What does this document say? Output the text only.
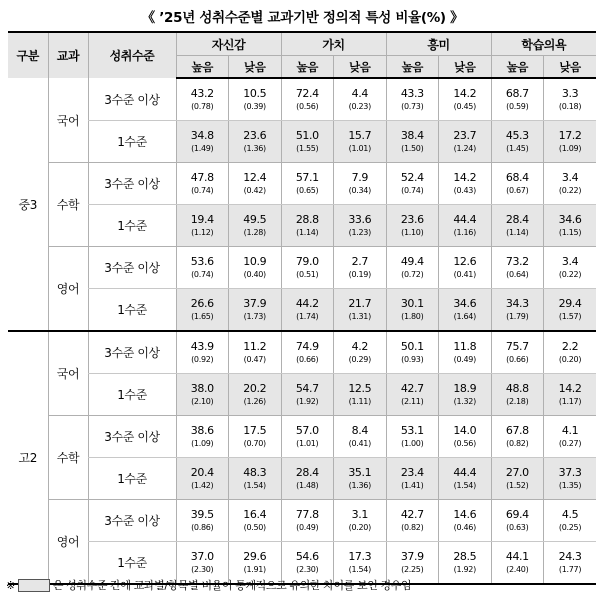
《 ’25년 성취수준별 교과기반 정의적 특성 비율(%) 》
구분	교과	성취수준	자신감		가치		흥미		학습의욕	
			높음	낮음	높음	낮음	높음	낮음	높음	낮음
중3	국어	3수준 이상	43.2
(0.78)	10.5
(0.39)	72.4
(0.56)	4.4
(0.23)	43.3
(0.73)	14.2
(0.45)	68.7
(0.59)	3.3
(0.18)

		1수준	34.8
(1.49)	23.6
(1.36)	51.0
(1.55)	15.7
(1.01)	38.4
(1.50)	23.7
(1.24)	45.3
(1.45)	17.2
(1.09)

	수학	3수준 이상	47.8
(0.74)	12.4
(0.42)	57.1
(0.65)	7.9
(0.34)	52.4
(0.74)	14.2
(0.43)	68.4
(0.67)	3.4
(0.22)

		1수준	19.4
(1.12)	49.5
(1.28)	28.8
(1.14)	33.6
(1.23)	23.6
(1.10)	44.4
(1.16)	28.4
(1.14)	34.6
(1.15)

	영어	3수준 이상	53.6
(0.74)	10.9
(0.40)	79.0
(0.51)	2.7
(0.19)	49.4
(0.72)	12.6
(0.41)	73.2
(0.64)	3.4
(0.22)

		1수준	26.6
(1.65)	37.9
(1.73)	44.2
(1.74)	21.7
(1.31)	30.1
(1.80)	34.6
(1.64)	34.3
(1.79)	29.4
(1.57)

고2	국어	3수준 이상	43.9
(0.92)	11.2
(0.47)	74.9
(0.66)	4.2
(0.29)	50.1
(0.93)	11.8
(0.49)	75.7
(0.66)	2.2
(0.20)

		1수준	38.0
(2.10)	20.2
(1.26)	54.7
(1.92)	12.5
(1.11)	42.7
(2.11)	18.9
(1.32)	48.8
(2.18)	14.2
(1.17)

	수학	3수준 이상	38.6
(1.09)	17.5
(0.70)	57.0
(1.01)	8.4
(0.41)	53.1
(1.00)	14.0
(0.56)	67.8
(0.82)	4.1
(0.27)

		1수준	20.4
(1.42)	48.3
(1.54)	28.4
(1.48)	35.1
(1.36)	23.4
(1.41)	44.4
(1.54)	27.0
(1.52)	37.3
(1.35)

	영어	3수준 이상	39.5
(0.86)	16.4
(0.50)	77.8
(0.49)	3.1
(0.20)	42.7
(0.82)	14.6
(0.46)	69.4
(0.63)	4.5
(0.25)

		1수준	37.0
(2.30)	29.6
(1.91)	54.6
(2.30)	17.3
(1.54)	37.9
(2.25)	28.5
(1.92)	44.1
(2.40)	24.3
(1.77)
※	은 성취수준 간에 교과별/항목별 비율이 통계적으로 유의한 차이를 보인 경우임
